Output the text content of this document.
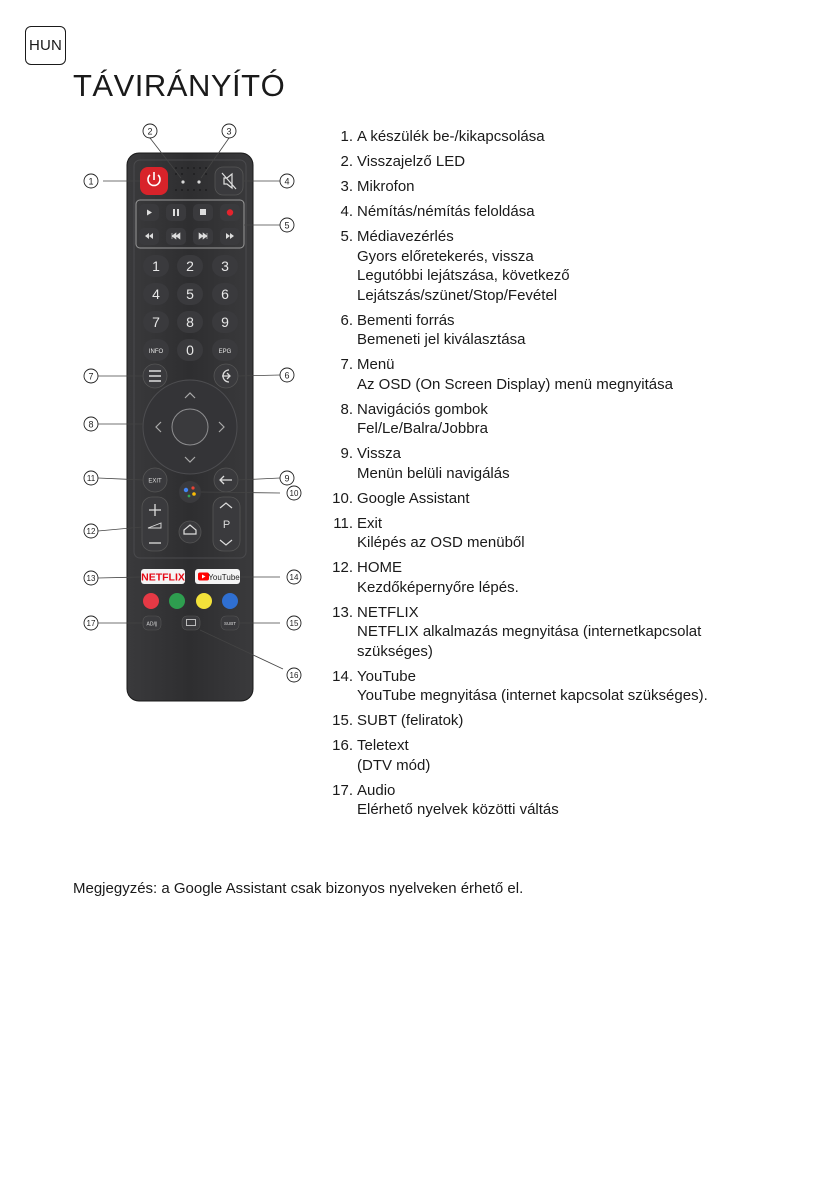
HUN
TÁVIRÁNYÍTÓ
1 2 3
4 5 6
7 8 9
INFO 0	EPG
EXIT
P
NETFLIX	YouTube
AD/||	SUBT
1
2	3
4
5
6
7
8
9
10
11
12
13	14
15
16
17
1. A készülék be-/kikapcsolása
2. Visszajelző LED
3. Mikrofon
4. Némítás/némítás feloldása
5. Médiavezérlés
Gyors előretekerés, vissza
Legutóbbi lejátszása, következő
Lejátszás/szünet/Stop/Fevétel
6. Bementi forrás
Bemeneti jel kiválasztása
7. Menü
Az OSD (On Screen Display) menü megnyitása
8. Navigációs gombok
Fel/Le/Balra/Jobbra
9. Vissza
Menün belüli navigálás
10. Google Assistant
11. Exit
Kilépés az OSD menüből
12. HOME
Kezdőképernyőre lépés.
13. NETFLIX
NETFLIX alkalmazás megnyitása (internetkapcsolat
szükséges)
14. YouTube
YouTube megnyitása (internet kapcsolat szükséges).
15. SUBT (feliratok)
16. Teletext
(DTV mód)
17. Audio
Elérhető nyelvek közötti váltás

Megjegyzés: a Google Assistant csak bizonyos nyelveken érhető el.
